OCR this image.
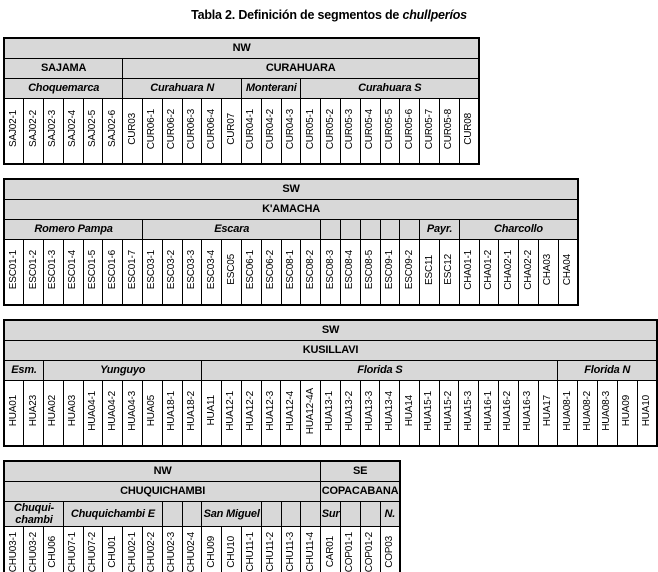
Tabla 2. Definición de segmentos de chullperíos
NW																							
SAJAMA						CURAHUARA																	
Choquemarca						Curahuara N						Monterani			Curahuara S								
SAJ02-1	SAJ02-2	SAJ02-3	SAJ02-4	SAJ02-5	SAJ02-6	CUR03	CUR06-1	CUR06-2	CUR06-3	CUR06-4	CUR07	CUR04-1	CUR04-2	CUR04-3	CUR05-1	CUR05-2	CUR05-3	CUR05-4	CUR05-5	CUR05-6	CUR05-7	CUR05-8	CUR08
SW																												
K'AMACHA																												
Romero Pampa							Escara														Payr.		Charcollo					
ESC01-1	ESC01-2	ESC01-3	ESC01-4	ESC01-5	ESC01-6	ESC01-7	ESC03-1	ESC03-2	ESC03-3	ESC03-4	ESC05	ESC06-1	ESC06-2	ESC08-1	ESC08-2	ESC08-3	ESC08-4	ESC08-5	ESC09-1	ESC09-2	ESC11	ESC12	CHA01-1	CHA01-2	CHA02-1	CHA02-2	CHA03	CHA04
SW																																
KUSILLAVI																																
Esm.		Yunguyo								Florida S																		Florida N				
HUA01	HUA23	HUA02	HUA03	HUA04-1	HUA04-2	HUA04-3	HUA05	HUA18-1	HUA18-2	HUA11	HUA12-1	HUA12-2	HUA12-3	HUA12-4	HUA12-4A	HUA13-1	HUA13-2	HUA13-3	HUA13-4	HUA14	HUA15-1	HUA15-2	HUA15-3	HUA16-1	HUA16-2	HUA16-3	HUA17	HUA08-1	HUA08-2	HUA08-3	HUA09	HUA10
NW																SE			
CHUQUICHAMBI																COPACABANA			
Chuqui-chambi			Chuquichambi E							San Miguel						Sur			N.
CHU03-1	CHU03-2	CHU06	CHU07-1	CHU07-2	CHU01	CHU02-1	CHU02-2	CHU02-3	CHU02-4	CHU09	CHU10	CHU11-1	CHU11-2	CHU11-3	CHU11-4	CAR01	COP01-1	COP01-2	COP03
